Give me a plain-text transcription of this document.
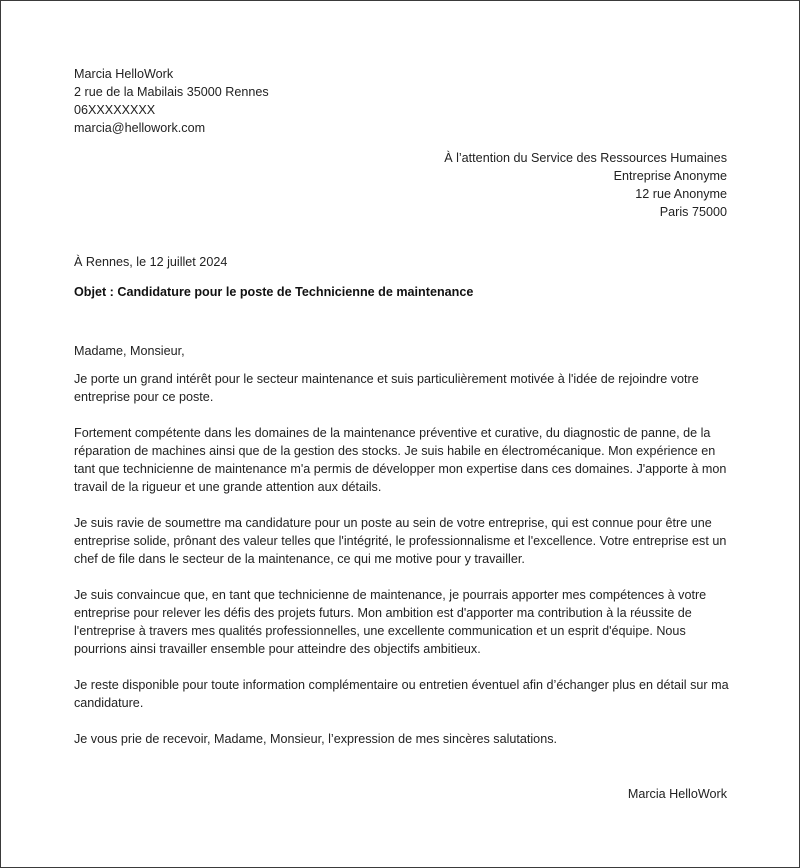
Marcia HelloWork
2 rue de la Mabilais 35000 Rennes
06XXXXXXXX
marcia@hellowork.com
À l’attention du Service des Ressources Humaines
Entreprise Anonyme
12 rue Anonyme
Paris 75000
À Rennes, le 12 juillet 2024
Objet : Candidature pour le poste de Technicienne de maintenance
Madame, Monsieur,

Je porte un grand intérêt pour le secteur maintenance et suis particulièrement motivée à l'idée de rejoindre votre entreprise pour ce poste.

Fortement compétente dans les domaines de la maintenance préventive et curative, du diagnostic de panne, de la réparation de machines ainsi que de la gestion des stocks. Je suis habile en électromécanique. Mon expérience en tant que technicienne de maintenance m'a permis de développer mon expertise dans ces domaines. J'apporte à mon travail de la rigueur et une grande attention aux détails.

Je suis ravie de soumettre ma candidature pour un poste au sein de votre entreprise, qui est connue pour être une entreprise solide, prônant des valeur telles que l'intégrité, le professionnalisme et l'excellence. Votre entreprise est un chef de file dans le secteur de la maintenance, ce qui me motive pour y travailler.

Je suis convaincue que, en tant que technicienne de maintenance, je pourrais apporter mes compétences à votre entreprise pour relever les défis des projets futurs. Mon ambition est d'apporter ma contribution à la réussite de l'entreprise à travers mes qualités professionnelles, une excellente communication et un esprit d'équipe. Nous pourrions ainsi travailler ensemble pour atteindre des objectifs ambitieux.

Je reste disponible pour toute information complémentaire ou entretien éventuel afin d’échanger plus en détail sur ma candidature.

Je vous prie de recevoir, Madame, Monsieur, l’expression de mes sincères salutations.

Marcia HelloWork
